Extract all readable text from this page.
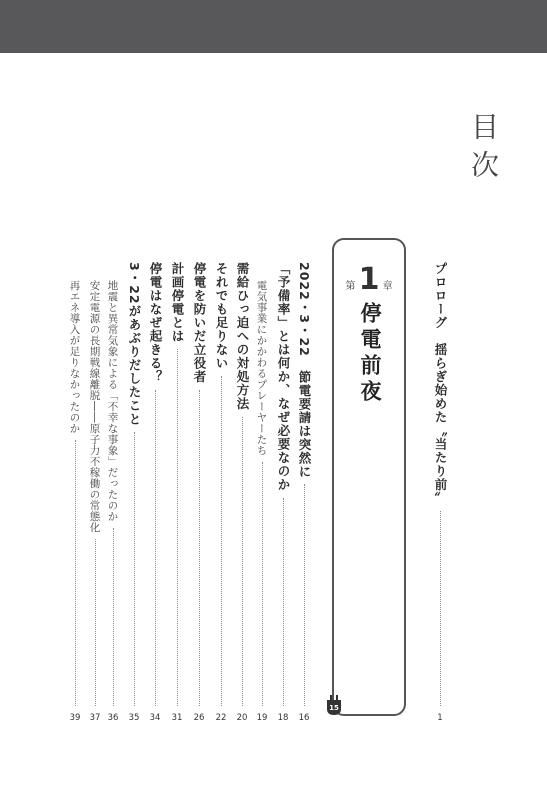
目次
プロローグ　揺らぎ始めた〝当たり前〟
1
第 1 章
停電前夜
15
2022・3・22　節電要請は突然に
16
「予備率」とは何か、なぜ必要なのか
18
電気事業にかかわるプレーヤーたち
19
需給ひっ迫への対処方法
20
それでも足りない
22
停電を防いだ立役者
26
計画停電とは
31
停電はなぜ起きる？
34
3・22があぶりだしたこと
35
地震と異常気象による「不幸な事象」だったのか
36
安定電源の長期戦線離脱――原子力不稼働の常態化
37
再エネ導入が足りなかったのか
39
